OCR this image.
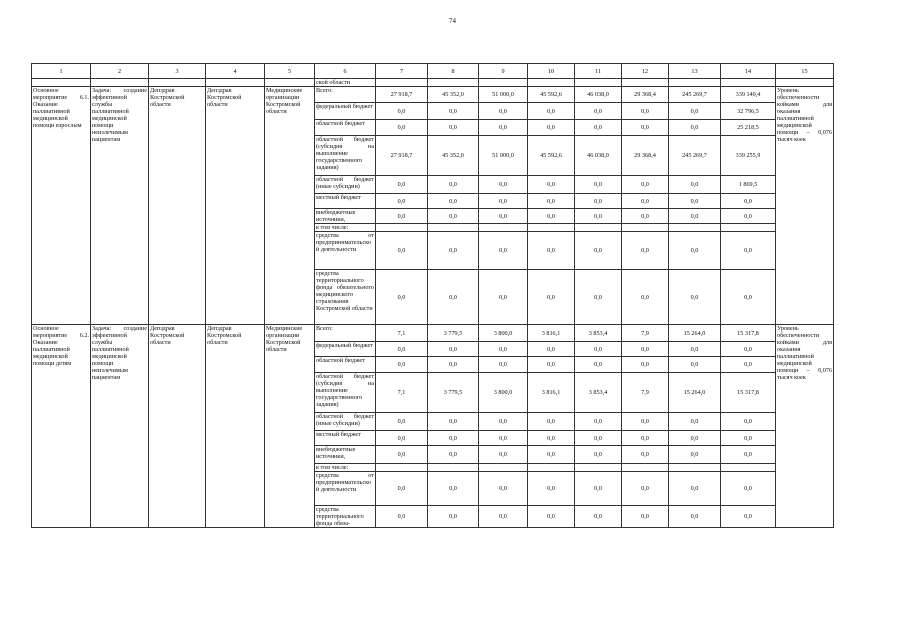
74
1	2	3	4	5	6	7	8	9	10	11	12	13	14	15
					ской области									
Основное мероприятие 6.1. Оказание паллиативной медицинской помощи взрослым	Задача: создание эффективной службы паллиативной медицинской помощи неизлечимым пациентам	Депздрав Костромской области	Депздрав Костромской области	Медицинские организации Костромской области	Всего:	27 918,7	45 352,0	51 000,0	45 592,6	46 038,0	29 368,4	245 269,7	339 140,4	Уровень обеспеченности койками для оказания паллиативной медицинской помощи – 0,076 тысяч коек
					федеральный бюджет	0,0	0,0	0,0	0,0	0,0	0,0	0,0	32 796,5	
					областной бюджет	0,0	0,0	0,0	0,0	0,0	0,0	0,0	25 218,5	
					областной бюджет (субсидия на выполнение государственного задания)	27 918,7	45 352,0	51 000,0	45 592,6	46 038,0	29 368,4	245 269,7	339 255,9	
					областной бюджет (иные субсидии)	0,0	0,0	0,0	0,0	0,0	0,0	0,0	1 869,5	
					местный бюджет	0,0	0,0	0,0	0,0	0,0	0,0	0,0	0,0	
					внебюджетные источники,	0,0	0,0	0,0	0,0	0,0	0,0	0,0	0,0	
					в том числе:									
					средства от предпринимательской деятельности	0,0	0,0	0,0	0,0	0,0	0,0	0,0	0,0	
					средства территориального фонда обязательного медицинского страхования Костромской области	0,0	0,0	0,0	0,0	0,0	0,0	0,0	0,0	
Основное мероприятие 6.2. Оказание паллиативной медицинской помощи детям	Задача: создание эффективной службы паллиативной медицинской помощи неизлечимым пациентам	Депздрав Костромской области	Депздрав Костромской области	Медицинские организации Костромской области	Всего:	7,1	3 779,5	3 800,0	3 816,1	3 853,4	7,9	15 264,0	15 317,8	Уровень обеспеченности койками для оказания паллиативной медицинской помощи – 0,076 тысяч коек
					федеральный бюджет	0,0	0,0	0,0	0,0	0,0	0,0	0,0	0,0	
					областной бюджет	0,0	0,0	0,0	0,0	0,0	0,0	0,0	0,0	
					областной бюджет (субсидия на выполнение государственного задания)	7,1	3 779,5	3 800,0	3 816,1	3 853,4	7,9	15 264,0	15 317,8	
					областной бюджет (иные субсидии)	0,0	0,0	0,0	0,0	0,0	0,0	0,0	0,0	
					местный бюджет	0,0	0,0	0,0	0,0	0,0	0,0	0,0	0,0	
					внебюджетные источники,	0,0	0,0	0,0	0,0	0,0	0,0	0,0	0,0	
					в том числе:									
					средства от предпринимательской деятельности	0,0	0,0	0,0	0,0	0,0	0,0	0,0	0,0	
					средства территориального фонда обяза-	0,0	0,0	0,0	0,0	0,0	0,0	0,0	0,0	
